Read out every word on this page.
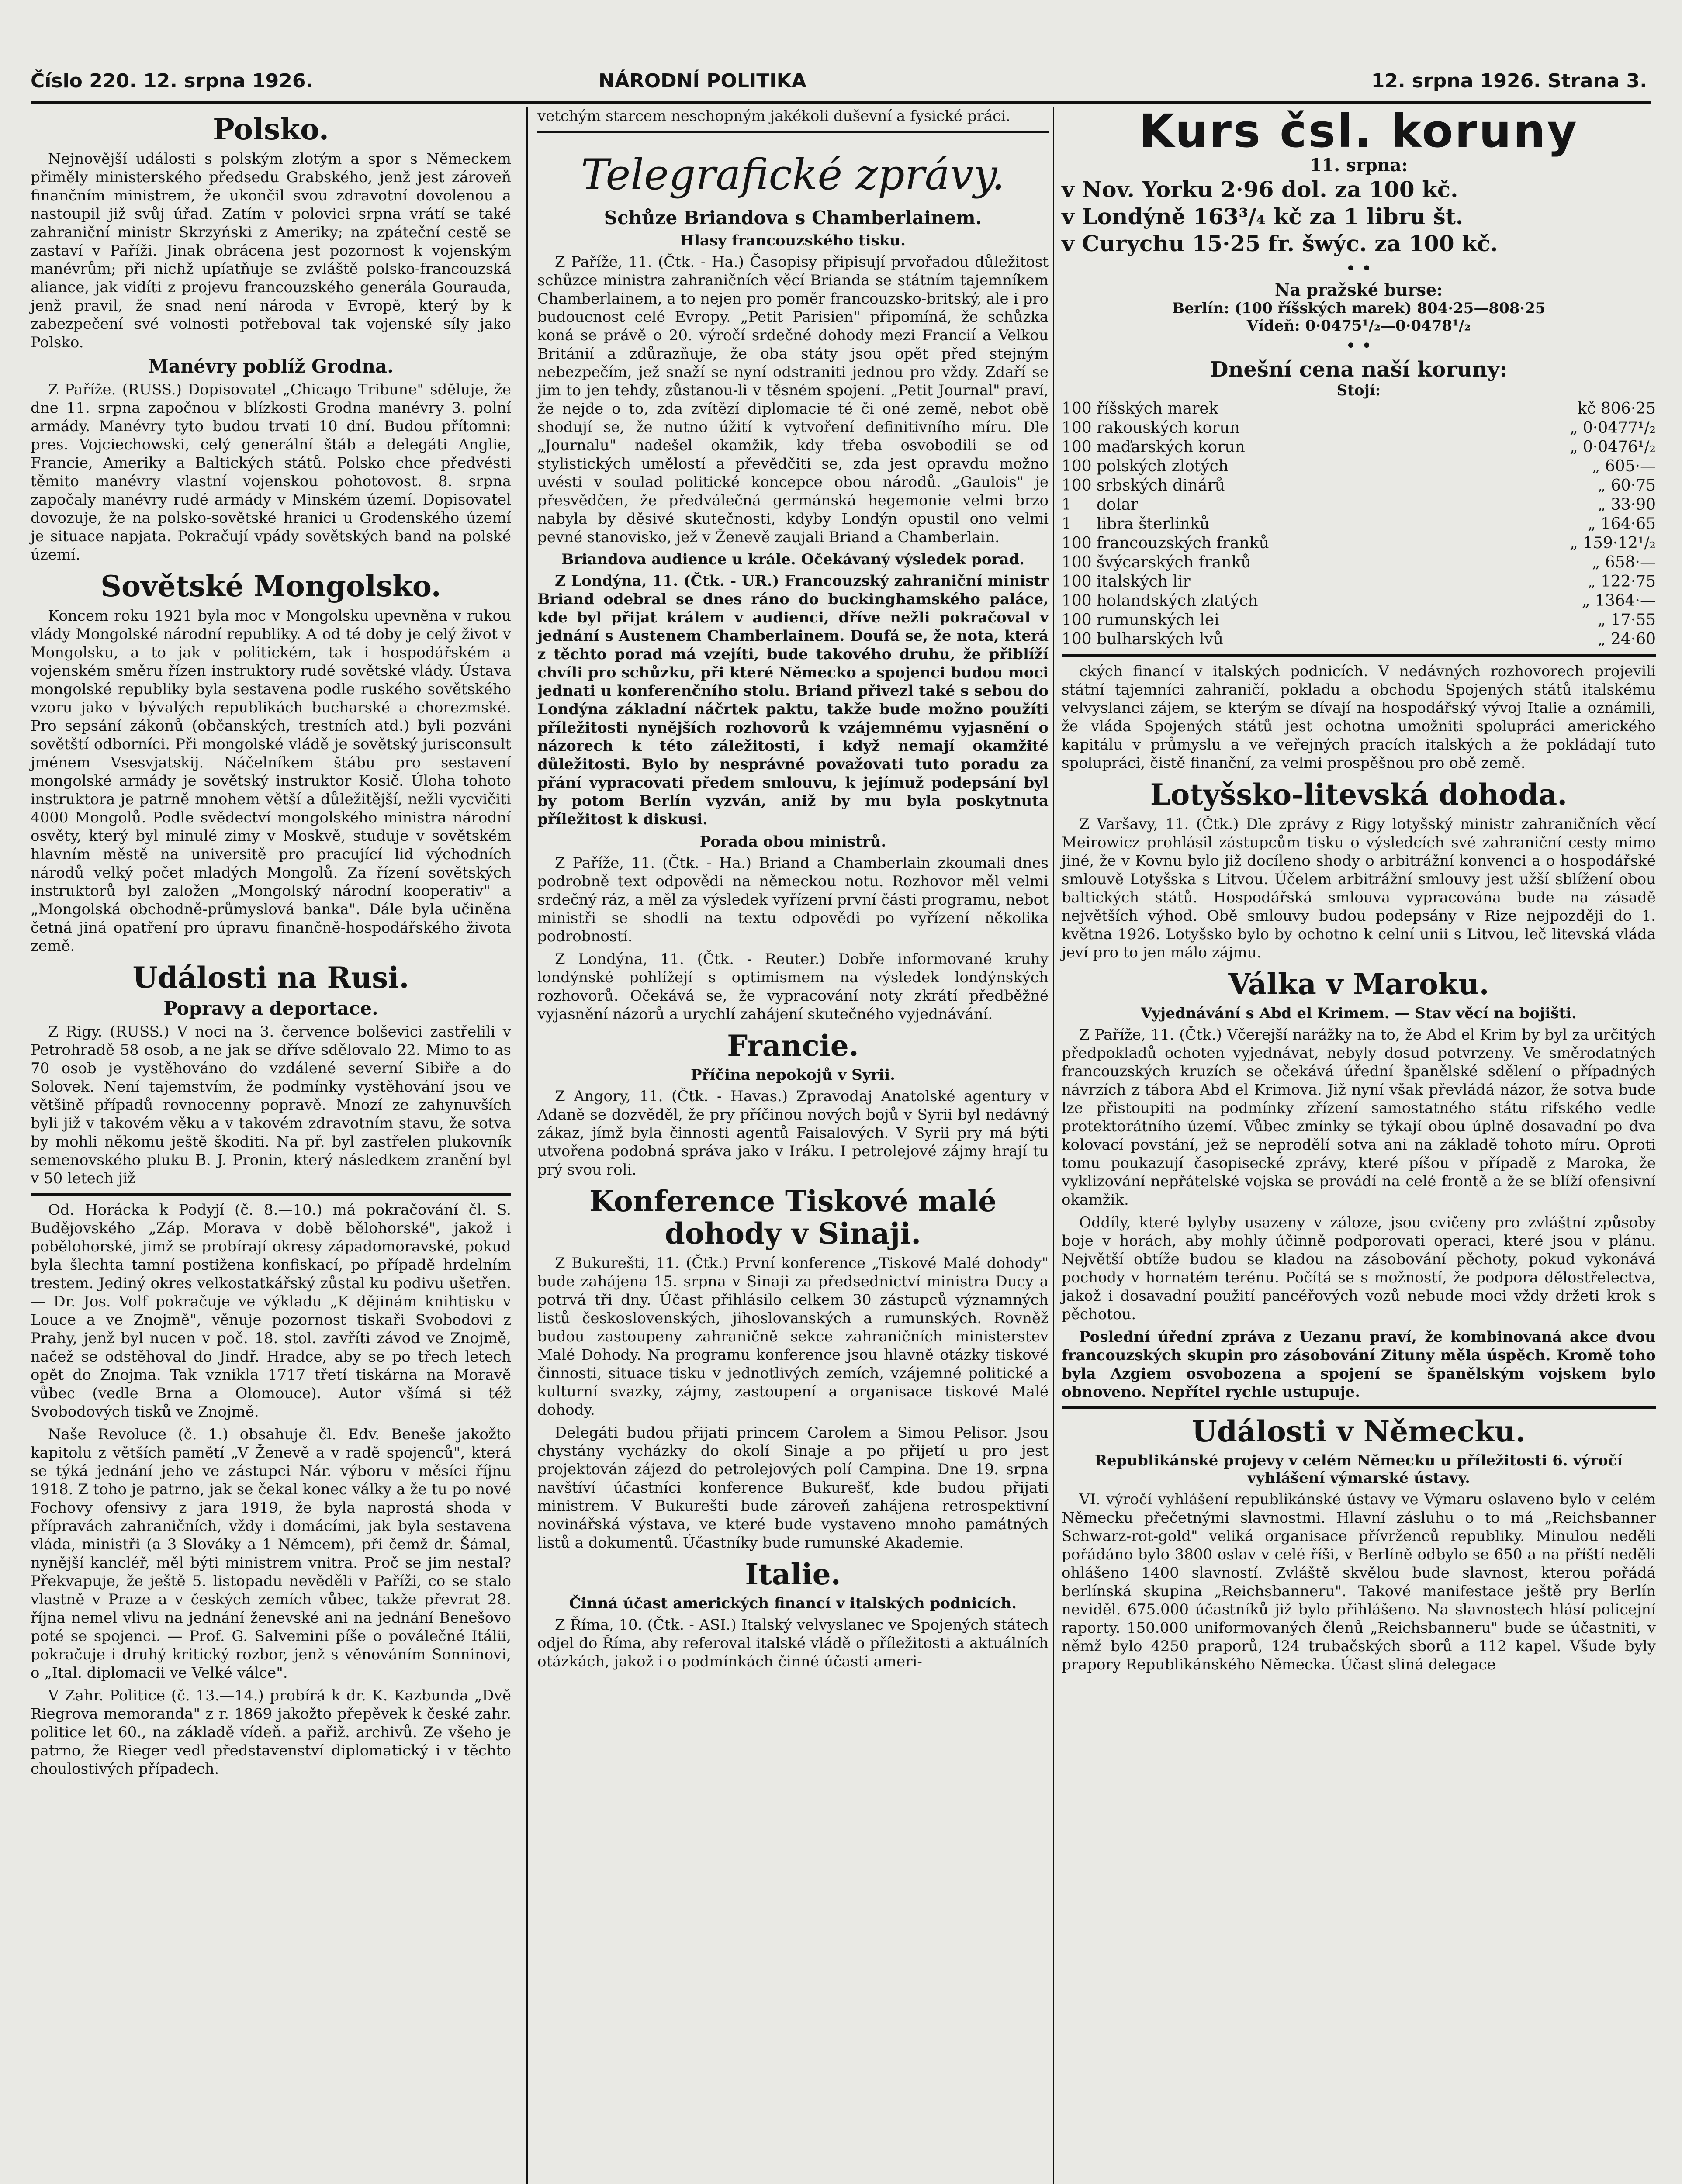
Číslo 220. 12. srpna 1926.	NÁRODNÍ POLITIKA	12. srpna 1926. Strana 3.
Polsko.

Nejnovější události s polským zlotým a spor s Německem přiměly ministerského předsedu Grabského, jenž jest zároveň finančním ministrem, že ukončil svou zdravotní dovolenou a nastoupil již svůj úřad. Zatím v polovici srpna vrátí se také zahraniční ministr Skrzyński z Ameriky; na zpáteční cestě se zastaví v Paříži. Jinak obrácena jest pozornost k vojenským manévrům; při nichž upíatňuje se zvláště polsko-francouzská aliance, jak vidíti z projevu francouzského generála Gourauda, jenž pravil, že snad není národa v Evropě, který by k zabezpečení své volnosti potřeboval tak vojenské síly jako Polsko.

Manévry poblíž Grodna.

Z Paříže. (RUSS.) Dopisovatel „Chicago Tribune" sděluje, že dne 11. srpna započnou v blízkosti Grodna manévry 3. polní armády. Manévry tyto budou trvati 10 dní. Budou přítomni: pres. Vojciechowski, celý generální štáb a delegáti Anglie, Francie, Ameriky a Baltických států. Polsko chce předvésti těmito manévry vlastní vojenskou pohotovost. 8. srpna započaly manévry rudé armády v Minském území. Dopisovatel dovozuje, že na polsko-sovětské hranici u Grodenského území je situace napjata. Pokračují vpády sovětských band na polské území.

Sovětské Mongolsko.

Koncem roku 1921 byla moc v Mongolsku upevněna v rukou vlády Mongolské národní republiky. A od té doby je celý život v Mongolsku, a to jak v politickém, tak i hospodářském a vojenském směru řízen instruktory rudé sovětské vlády. Ústava mongolské republiky byla sestavena podle ruského sovětského vzoru jako v bývalých republikách bucharské a chorezmské. Pro sepsání zákonů (občanských, trestních atd.) byli pozváni sovětští odborníci. Při mongolské vládě je sovětský jurisconsult jménem Vsesvjatskij. Náčelníkem štábu pro sestavení mongolské armády je sovětský instruktor Kosič. Úloha tohoto instruktora je patrně mnohem větší a důležitější, nežli vycvičiti 4000 Mongolů. Podle svědectví mongolského ministra národní osvěty, který byl minulé zimy v Moskvě, studuje v sovětském hlavním městě na universitě pro pracující lid východních národů velký počet mladých Mongolů. Za řízení sovětských instruktorů byl založen „Mongolský národní kooperativ" a „Mongolská obchodně-průmyslová banka". Dále byla učiněna četná jiná opatření pro úpravu finančně-hospodářského života země.

Události na Rusi.
Popravy a deportace.

Z Rigy. (RUSS.) V noci na 3. července bolševici zastřelili v Petrohradě 58 osob, a ne jak se dříve sdělovalo 22. Mimo to as 70 osob je vystěhováno do vzdálené severní Sibiře a do Solovek. Není tajemstvím, že podmínky vystěhování jsou ve většině případů rovnocenny popravě. Mnozí ze zahynuvších byli již v takovém věku a v takovém zdravotním stavu, že sotva by mohli někomu ještě škoditi. Na př. byl zastřelen plukovník semenovského pluku B. J. Pronin, který následkem zranění byl v 50 letech již

Od. Horácka k Podyjí (č. 8.—10.) má pokračování čl. S. Budějovského „Záp. Morava v době bělohorské", jakož i pobělohorské, jimž se probírají okresy západomoravské, pokud byla šlechta tamní postižena konfiskací, po případě hrdelním trestem. Jediný okres velkostatkářský zůstal ku podivu ušetřen. — Dr. Jos. Volf pokračuje ve výkladu „K dějinám knihtisku v Louce a ve Znojmě", věnuje pozornost tiskaři Svobodovi z Prahy, jenž byl nucen v poč. 18. stol. zavříti závod ve Znojmě, načež se odstěhoval do Jindř. Hradce, aby se po třech letech opět do Znojma. Tak vznikla 1717 třetí tiskárna na Moravě vůbec (vedle Brna a Olomouce). Autor všímá si též Svobodových tisků ve Znojmě.

Naše Revoluce (č. 1.) obsahuje čl. Edv. Beneše jakožto kapitolu z větších pamětí „V Ženevě a v radě spojenců", která se týká jednání jeho ve zástupci Nár. výboru v měsíci říjnu 1918. Z toho je patrno, jak se čekal konec války a že tu po nové Fochovy ofensivy z jara 1919, že byla naprostá shoda v přípravách zahraničních, vždy i domácími, jak byla sestavena vláda, ministři (a 3 Slováky a 1 Němcem), při čemž dr. Šámal, nynější kancléř, měl býti ministrem vnitra. Proč se jim nestal? Překvapuje, že ještě 5. listopadu nevěděli v Paříži, co se stalo vlastně v Praze a v českých zemích vůbec, takže převrat 28. října nemel vlivu na jednání ženevské ani na jednání Benešovo poté se spojenci. — Prof. G. Salvemini píše o poválečné Itálii, pokračuje i druhý kritický rozbor, jenž s věnováním Sonninovi, o „Ital. diplomacii ve Velké válce".

V Zahr. Politice (č. 13.—14.) probírá k dr. K. Kazbunda „Dvě Riegrova memoranda" z r. 1869 jakožto přepěvek k české zahr. politice let 60., na základě vídeň. a pařiž. archivů. Ze všeho je patrno, že Rieger vedl představenství diplomatický i v těchto choulostivých případech.

vetchým starcem neschopným jakékoli duševní a fysické práci.

Telegrafické zprávy.
Schůze Briandova s Chamberlainem.
Hlasy francouzského tisku.

Z Paříže, 11. (Čtk. - Ha.) Časopisy připisují prvořadou důležitost schůzce ministra zahraničních věcí Brianda se státním tajemníkem Chamberlainem, a to nejen pro poměr francouzsko-britský, ale i pro budoucnost celé Evropy. „Petit Parisien" připomíná, že schůzka koná se právě o 20. výročí srdečné dohody mezi Francií a Velkou Británií a zdůrazňuje, že oba státy jsou opět před stejným nebezpečím, jež snaží se nyní odstraniti jednou pro vždy. Zdaří se jim to jen tehdy, zůstanou-li v těsném spojení. „Petit Journal" praví, že nejde o to, zda zvítězí diplomacie té či oné země, nebot obě shodují se, že nutno úžití k vytvoření definitivního míru. Dle „Journalu" nadešel okamžik, kdy třeba osvobodili se od stylistických umělostí a převědčiti se, zda jest opravdu možno uvésti v soulad politické koncepce obou národů. „Gaulois" je přesvědčen, že předválečná germánská hegemonie velmi brzo nabyla by děsivé skutečnosti, kdyby Londýn opustil ono velmi pevné stanovisko, jež v Ženevě zaujali Briand a Chamberlain.

Briandova audience u krále. Očekávaný výsledek porad.

Z Londýna, 11. (Čtk. - UR.) Francouzský zahraniční ministr Briand odebral se dnes ráno do buckinghamského paláce, kde byl přijat králem v audienci, dříve nežli pokračoval v jednání s Austenem Chamberlainem. Doufá se, že nota, která z těchto porad má vzejíti, bude takového druhu, že přiblíží chvíli pro schůzku, při které Německo a spojenci budou moci jednati u konferenčního stolu. Briand přivezl také s sebou do Londýna základní náčrtek paktu, takže bude možno použíti příležitosti nynějších rozhovorů k vzájemnému vyjasnění o názorech k této záležitosti, i když nemají okamžité důležitosti. Bylo by nesprávné považovati tuto poradu za přání vypracovati předem smlouvu, k jejímuž podepsání byl by potom Berlín vyzván, aniž by mu byla poskytnuta příležitost k diskusi.

Porada obou ministrů.

Z Paříže, 11. (Čtk. - Ha.) Briand a Chamberlain zkoumali dnes podrobně text odpovědi na německou notu. Rozhovor měl velmi srdečný ráz, a měl za výsledek vyřízení první části programu, nebot ministři se shodli na textu odpovědi po vyřízení několika podrobností.

Z Londýna, 11. (Čtk. - Reuter.) Dobře informované kruhy londýnské pohlížejí s optimismem na výsledek londýnských rozhovorů. Očekává se, že vypracování noty zkrátí předběžné vyjasnění názorů a urychlí zahájení skutečného vyjednávání.

Francie.
Příčina nepokojů v Syrii.

Z Angory, 11. (Čtk. - Havas.) Zpravodaj Anatolské agentury v Adaně se dozvěděl, že pry příčinou nových bojů v Syrii byl nedávný zákaz, jímž byla činnosti agentů Faisalových. V Syrii pry má býti utvořena podobná správa jako v Iráku. I petrolejové zájmy hrají tu prý svou roli.

Konference Tiskové malé dohody v Sinaji.

Z Bukurešti, 11. (Čtk.) První konference „Tiskové Malé dohody" bude zahájena 15. srpna v Sinaji za předsednictví ministra Ducy a potrvá tři dny. Účast přihlásilo celkem 30 zástupců významných listů československých, jihoslovanských a rumunských. Rovněž budou zastoupeny zahraničně sekce zahraničních ministerstev Malé Dohody. Na programu konference jsou hlavně otázky tiskové činnosti, situace tisku v jednotlivých zemích, vzájemné politické a kulturní svazky, zájmy, zastoupení a organisace tiskové Malé dohody.

Delegáti budou přijati princem Carolem a Simou Pelisor. Jsou chystány vycházky do okolí Sinaje a po přijetí u pro jest projektován zájezd do petrolejových polí Campina. Dne 19. srpna navštíví účastníci konference Bukurešť, kde budou přijati ministrem. V Bukurešti bude zároveň zahájena retrospektivní novinářská výstava, ve které bude vystaveno mnoho památných listů a dokumentů. Účastníky bude rumunské Akademie.

Italie.
Činná účast amerických financí v italských podnicích.

Z Říma, 10. (Čtk. - ASI.) Italský velvyslanec ve Spojených státech odjel do Říma, aby referoval italské vládě o příležitosti a aktuálních otázkách, jakož i o podmínkách činné účasti ameri-

Kurs čsl. koruny
11. srpna:
v Nov. Yorku 2·96 dol. za 100 kč.
v Londýně 163³/₄ kč za 1 libru št.
v Curychu 15·25 fr. šwýc. za 100 kč.
• •
Na pražské burse:
Berlín: (100 říšských marek) 804·25—808·25
Vídeň: 0·0475¹/₂—0·0478¹/₂
• •
Dnešní cena naší koruny:
Stojí:
100	říšských marek	kč 806·25
100	rakouských korun	„ 0·0477¹/₂
100	maďarských korun	„ 0·0476¹/₂
100	polských zlotých	„ 605·—
100	srbských dinárů	„ 60·75
1	dolar	„ 33·90
1	libra šterlinků	„ 164·65
100	francouzských franků	„ 159·12¹/₂
100	švýcarských franků	„ 658·—
100	italských lir	„ 122·75
100	holandských zlatých	„ 1364·—
100	rumunských lei	„ 17·55
100	bulharských lvů	„ 24·60

ckých financí v italských podnicích. V nedávných rozhovorech projevili státní tajemníci zahraničí, pokladu a obchodu Spojených států italskému velvyslanci zájem, se kterým se dívají na hospodářský vývoj Italie a oznámili, že vláda Spojených států jest ochotna umožniti spolupráci amerického kapitálu v průmyslu a ve veřejných pracích italských a že pokládají tuto spolupráci, čistě finanční, za velmi prospěšnou pro obě země.

Lotyšsko-litevská dohoda.

Z Varšavy, 11. (Čtk.) Dle zprávy z Rigy lotyšský ministr zahraničních věcí Meirowicz prohlásil zástupcům tisku o výsledcích své zahraniční cesty mimo jiné, že v Kovnu bylo již docíleno shody o arbitrážní konvenci a o hospodářské smlouvě Lotyšska s Litvou. Účelem arbitrážní smlouvy jest užší sblížení obou baltických států. Hospodářská smlouva vypracována bude na zásadě největších výhod. Obě smlouvy budou podepsány v Rize nejpozději do 1. května 1926. Lotyšsko bylo by ochotno k celní unii s Litvou, leč litevská vláda jeví pro to jen málo zájmu.

Válka v Maroku.
Vyjednávání s Abd el Krimem. — Stav věcí na bojišti.

Z Paříže, 11. (Čtk.) Včerejší narážky na to, že Abd el Krim by byl za určitých předpokladů ochoten vyjednávat, nebyly dosud potvrzeny. Ve směrodatných francouzských kruzích se očekává úřední španělské sdělení o případných návrzích z tábora Abd el Krimova. Již nyní však převládá názor, že sotva bude lze přistoupiti na podmínky zřízení samostatného státu rifského vedle protektorátního území. Vůbec zmínky se týkají obou úplně dosavadní po dva kolovací povstání, jež se neprodělí sotva ani na základě tohoto míru. Oproti tomu poukazují časopisecké zprávy, které píšou v případě z Maroka, že vyklizování nepřátelské vojska se provádí na celé frontě a že se blíží ofensivní okamžik.

Oddíly, které bylyby usazeny v záloze, jsou cvičeny pro zvláštní způsoby boje v horách, aby mohly účinně podporovati operaci, které jsou v plánu. Největší obtíže budou se kladou na zásobování pěchoty, pokud vykonává pochody v hornatém terénu. Počítá se s možností, že podpora dělostřelectva, jakož i dosavadní použití pancéřových vozů nebude moci vždy držeti krok s pěchotou.

Poslední úřední zpráva z Uezanu praví, že kombinovaná akce dvou francouzských skupin pro zásobování Zituny měla úspěch. Kromě toho byla Azgiem osvobozena a spojení se španělským vojskem bylo obnoveno. Nepřítel rychle ustupuje.

Události v Německu.
Republikánské projevy v celém Německu u příležitosti 6. výročí vyhlášení výmarské ústavy.

VI. výročí vyhlášení republikánské ústavy ve Výmaru oslaveno bylo v celém Německu přečetnými slavnostmi. Hlavní zásluhu o to má „Reichsbanner Schwarz-rot-gold" veliká organisace přívrženců republiky. Minulou neděli pořádáno bylo 3800 oslav v celé říši, v Berlíně odbylo se 650 a na příští neděli ohlášeno 1400 slavností. Zvláště skvělou bude slavnost, kterou pořádá berlínská skupina „Reichsbanneru". Takové manifestace ještě pry Berlín neviděl. 675.000 účastníků již bylo přihlášeno. Na slavnostech hlásí policejní raporty. 150.000 uniformovaných členů „Reichsbanneru" bude se účastniti, v němž bylo 4250 praporů, 124 trubačských sborů a 112 kapel. Všude byly prapory Republikánského Německa. Účast sliná delegace
